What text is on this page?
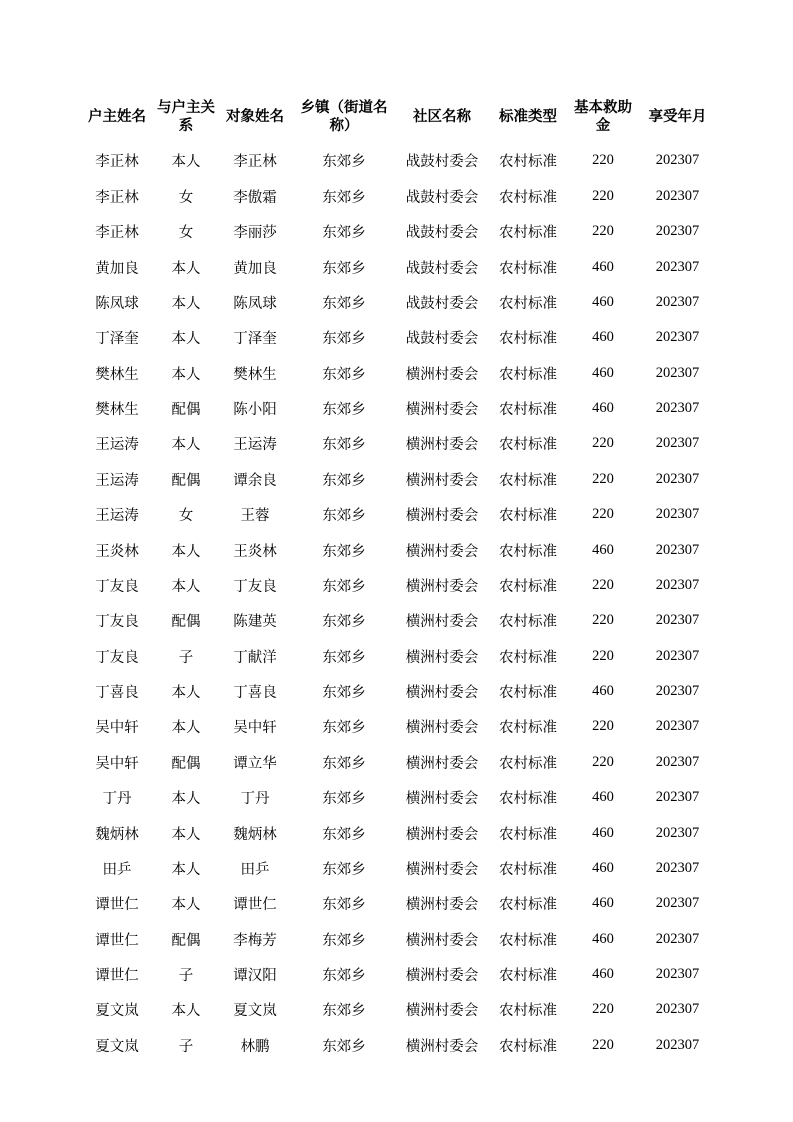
户主姓名	与户主关系	对象姓名	乡镇（街道名称）	社区名称	标准类型	基本救助金	享受年月
李正林	本人	李正林	东郊乡	战鼓村委会	农村标准	220	202307
李正林	女	李傲霜	东郊乡	战鼓村委会	农村标准	220	202307
李正林	女	李丽莎	东郊乡	战鼓村委会	农村标准	220	202307
黄加良	本人	黄加良	东郊乡	战鼓村委会	农村标准	460	202307
陈凤球	本人	陈凤球	东郊乡	战鼓村委会	农村标准	460	202307
丁泽奎	本人	丁泽奎	东郊乡	战鼓村委会	农村标准	460	202307
樊林生	本人	樊林生	东郊乡	横洲村委会	农村标准	460	202307
樊林生	配偶	陈小阳	东郊乡	横洲村委会	农村标准	460	202307
王运涛	本人	王运涛	东郊乡	横洲村委会	农村标准	220	202307
王运涛	配偶	谭余良	东郊乡	横洲村委会	农村标准	220	202307
王运涛	女	王蓉	东郊乡	横洲村委会	农村标准	220	202307
王炎林	本人	王炎林	东郊乡	横洲村委会	农村标准	460	202307
丁友良	本人	丁友良	东郊乡	横洲村委会	农村标准	220	202307
丁友良	配偶	陈建英	东郊乡	横洲村委会	农村标准	220	202307
丁友良	子	丁献洋	东郊乡	横洲村委会	农村标准	220	202307
丁喜良	本人	丁喜良	东郊乡	横洲村委会	农村标准	460	202307
吴中轩	本人	吴中轩	东郊乡	横洲村委会	农村标准	220	202307
吴中轩	配偶	谭立华	东郊乡	横洲村委会	农村标准	220	202307
丁丹	本人	丁丹	东郊乡	横洲村委会	农村标准	460	202307
魏炳林	本人	魏炳林	东郊乡	横洲村委会	农村标准	460	202307
田乒	本人	田乒	东郊乡	横洲村委会	农村标准	460	202307
谭世仁	本人	谭世仁	东郊乡	横洲村委会	农村标准	460	202307
谭世仁	配偶	李梅芳	东郊乡	横洲村委会	农村标准	460	202307
谭世仁	子	谭汉阳	东郊乡	横洲村委会	农村标准	460	202307
夏文岚	本人	夏文岚	东郊乡	横洲村委会	农村标准	220	202307
夏文岚	子	林鹏	东郊乡	横洲村委会	农村标准	220	202307
